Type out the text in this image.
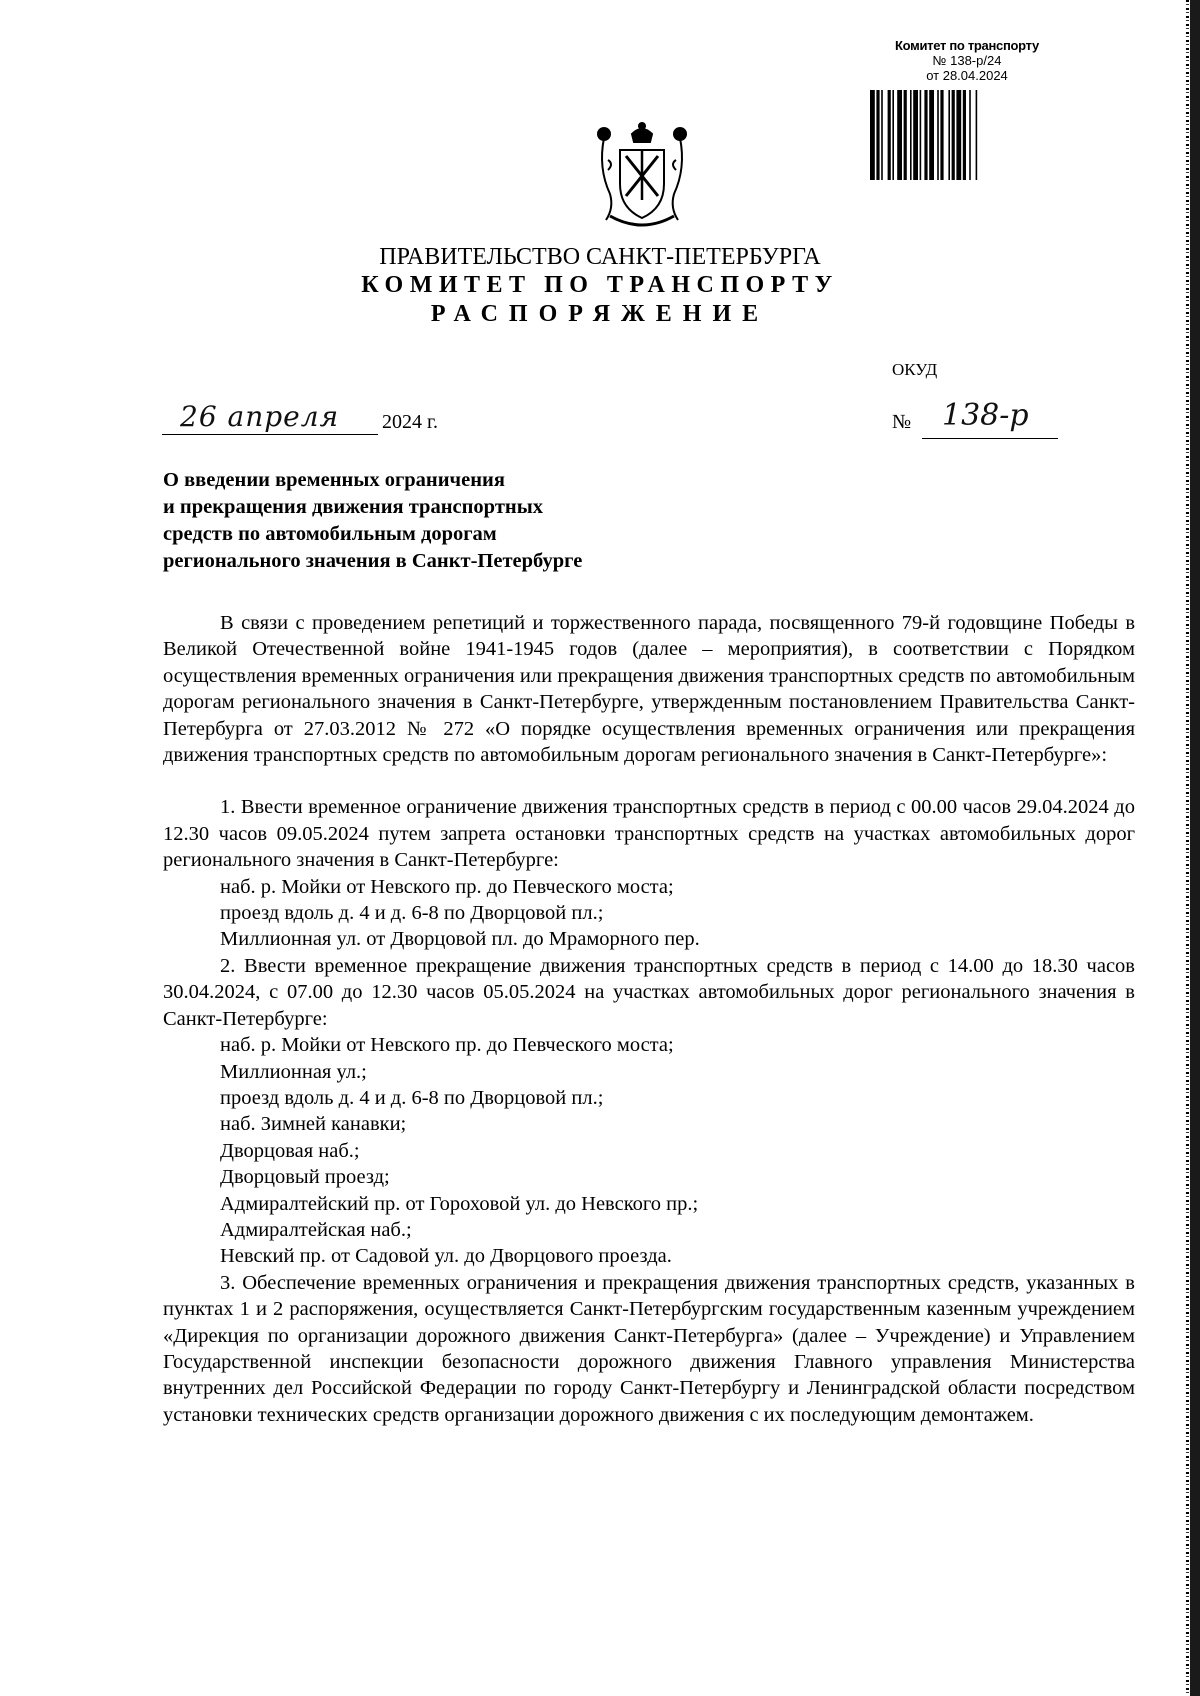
Комитет по транспорту
№ 138-р/24
от 28.04.2024
ПРАВИТЕЛЬСТВО САНКТ-ПЕТЕРБУРГА
КОМИТЕТ ПО ТРАНСПОРТУ
РАСПОРЯЖЕНИЕ
ОКУД
26 апреля 2024 г.	№ 138-р
О введении временных ограничения
и прекращения движения транспортных
средств по автомобильным дорогам
регионального значения в Санкт-Петербурге

В связи с проведением репетиций и торжественного парада, посвященного 79-й годовщине Победы в Великой Отечественной войне 1941-1945 годов (далее – мероприятия), в соответствии с Порядком осуществления временных ограничения или прекращения движения транспортных средств по автомобильным дорогам регионального значения в Санкт-Петербурге, утвержденным постановлением Правительства Санкт-Петербурга от 27.03.2012 № 272 «О порядке осуществления временных ограничения или прекращения движения транспортных средств по автомобильным дорогам регионального значения в Санкт-Петербурге»:

1. Ввести временное ограничение движения транспортных средств в период с 00.00 часов 29.04.2024 до 12.30 часов 09.05.2024 путем запрета остановки транспортных средств на участках автомобильных дорог регионального значения в Санкт-Петербурге:

наб. р. Мойки от Невского пр. до Певческого моста;

проезд вдоль д. 4 и д. 6-8 по Дворцовой пл.;

Миллионная ул. от Дворцовой пл. до Мраморного пер.

2. Ввести временное прекращение движения транспортных средств в период с 14.00 до 18.30 часов 30.04.2024, с 07.00 до 12.30 часов 05.05.2024 на участках автомобильных дорог регионального значения в Санкт-Петербурге:

наб. р. Мойки от Невского пр. до Певческого моста;

Миллионная ул.;

проезд вдоль д. 4 и д. 6-8 по Дворцовой пл.;

наб. Зимней канавки;

Дворцовая наб.;

Дворцовый проезд;

Адмиралтейский пр. от Гороховой ул. до Невского пр.;

Адмиралтейская наб.;

Невский пр. от Садовой ул. до Дворцового проезда.

3. Обеспечение временных ограничения и прекращения движения транспортных средств, указанных в пунктах 1 и 2 распоряжения, осуществляется Санкт-Петербургским государственным казенным учреждением «Дирекция по организации дорожного движения Санкт-Петербурга» (далее – Учреждение) и Управлением Государственной инспекции безопасности дорожного движения Главного управления Министерства внутренних дел Российской Федерации по городу Санкт-Петербургу и Ленинградской области посредством установки технических средств организации дорожного движения с их последующим демонтажем.
